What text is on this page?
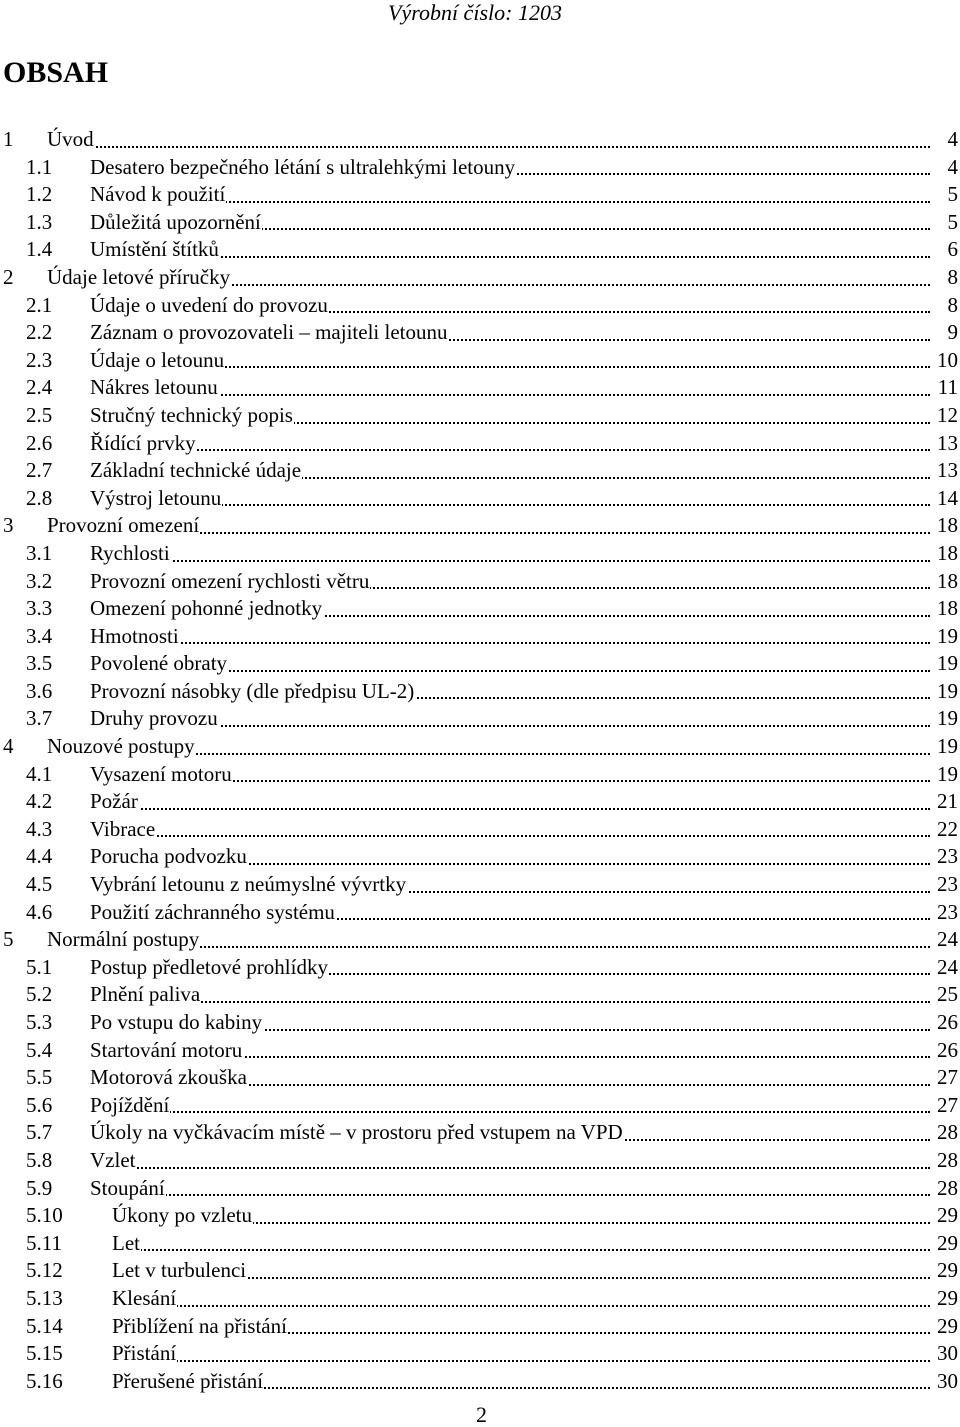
Výrobní číslo: 1203
OBSAH
1 Úvod	4
1.1 Desatero bezpečného létání s ultralehkými letouny	4
1.2 Návod k použití	5
1.3 Důležitá upozornění	5
1.4 Umístění štítků	6
2 Údaje letové příručky	8
2.1 Údaje o uvedení do provozu	8
2.2 Záznam o provozovateli – majiteli letounu	9
2.3 Údaje o letounu	10
2.4 Nákres letounu	11
2.5 Stručný technický popis	12
2.6 Řídící prvky	13
2.7 Základní technické údaje	13
2.8 Výstroj letounu	14
3 Provozní omezení	18
3.1 Rychlosti	18
3.2 Provozní omezení rychlosti větru	18
3.3 Omezení pohonné jednotky	18
3.4 Hmotnosti	19
3.5 Povolené obraty	19
3.6 Provozní násobky (dle předpisu UL-2)	19
3.7 Druhy provozu	19
4 Nouzové postupy	19
4.1 Vysazení motoru	19
4.2 Požár	21
4.3 Vibrace	22
4.4 Porucha podvozku	23
4.5 Vybrání letounu z neúmyslné vývrtky	23
4.6 Použití záchranného systému	23
5 Normální postupy	24
5.1 Postup předletové prohlídky	24
5.2 Plnění paliva	25
5.3 Po vstupu do kabiny	26
5.4 Startování motoru	26
5.5 Motorová zkouška	27
5.6 Pojíždění	27
5.7 Úkoly na vyčkávacím místě – v prostoru před vstupem na VPD	28
5.8 Vzlet	28
5.9 Stoupání	28
5.10 Úkony po vzletu	29
5.11 Let	29
5.12 Let v turbulenci	29
5.13 Klesání	29
5.14 Přiblížení na přistání	29
5.15 Přistání	30
5.16 Přerušené přistání	30
2
